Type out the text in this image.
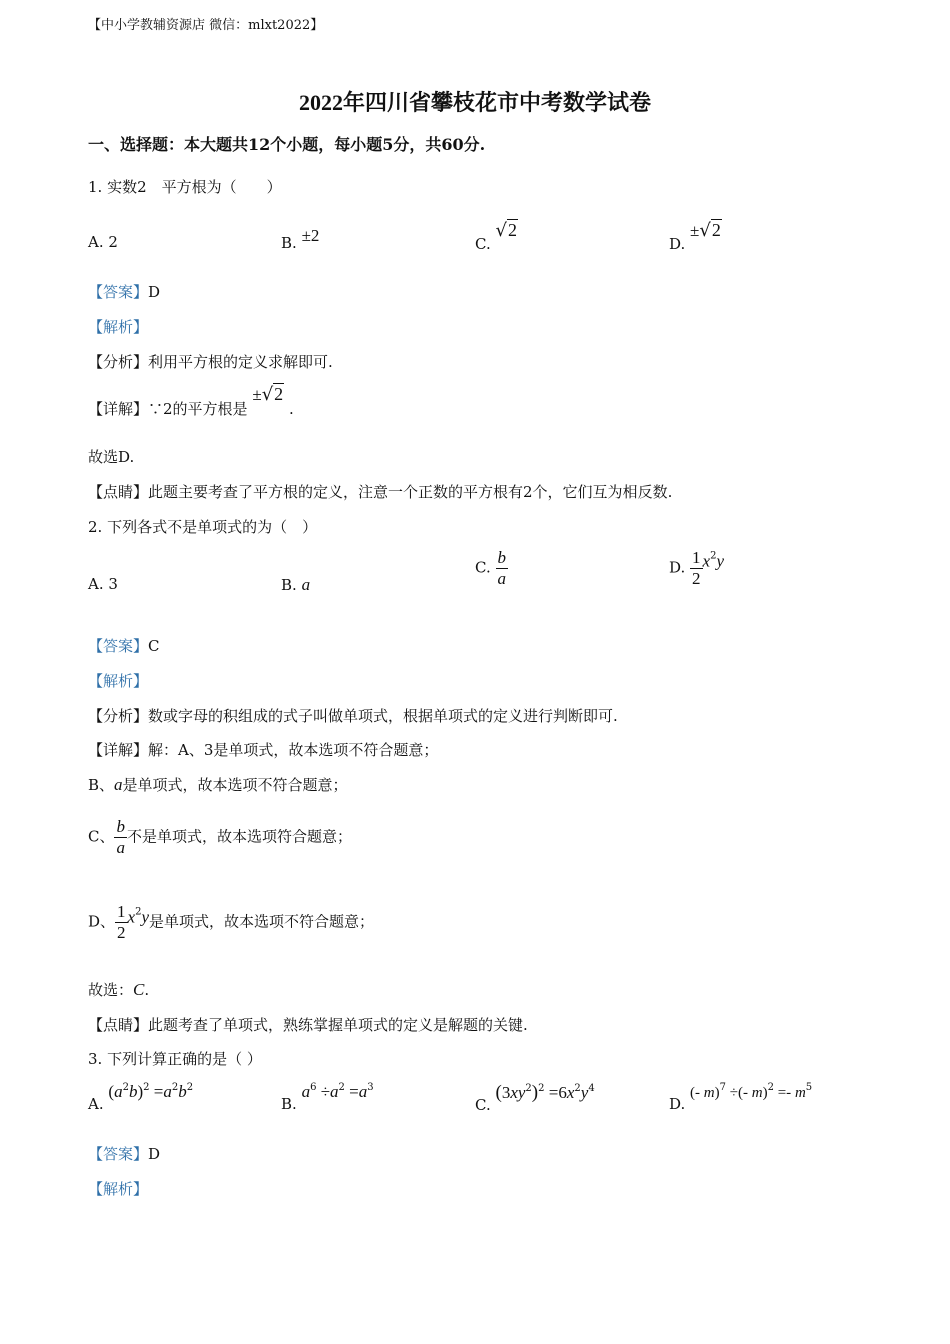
【中小学教辅资源店 微信：mlxt2022】
2022年四川省攀枝花市中考数学试卷
一、选择题：本大题共12个小题，每小题5分，共60分.
1. 实数2　平方根为（　　）
A. 2	B. ±2	C. √2
D. ±√2
【答案】D
【解析】
【分析】利用平方根的定义求解即可.
【详解】∵2的平方根是 ±√2 .
故选D.
【点睛】此题主要考查了平方根的定义，注意一个正数的平方根有2个，它们互为相反数.
2. 下列各式不是单项式的为（　）
A. 3	B. a
C. $\frac{b}{a}$	D. $\frac{1}{2} x^2y$
【答案】C
【解析】
【分析】数或字母的积组成的式子叫做单项式，根据单项式的定义进行判断即可.
【详解】解：A、3是单项式，故本选项不符合题意；
B、a是单项式，故本选项不符合题意；
C、 $\frac{b}{a}$ 不是单项式，故本选项符合题意；
D、 $\frac{1}{2} x^2y$是单项式，故本选项不符合题意；
故选：C.
【点睛】此题考查了单项式，熟练掌握单项式的定义是解题的关键.
3. 下列计算正确的是（ ）
A. $(a^2b)^2 =a^2b^2$
B. $a^6 \div a^2 =a^3$
C. $(3xy^2)^2 =6x^2y^4$
D. (- m)$^7$ ÷(- $m)^2 =- m^5$
【答案】D
【解析】
